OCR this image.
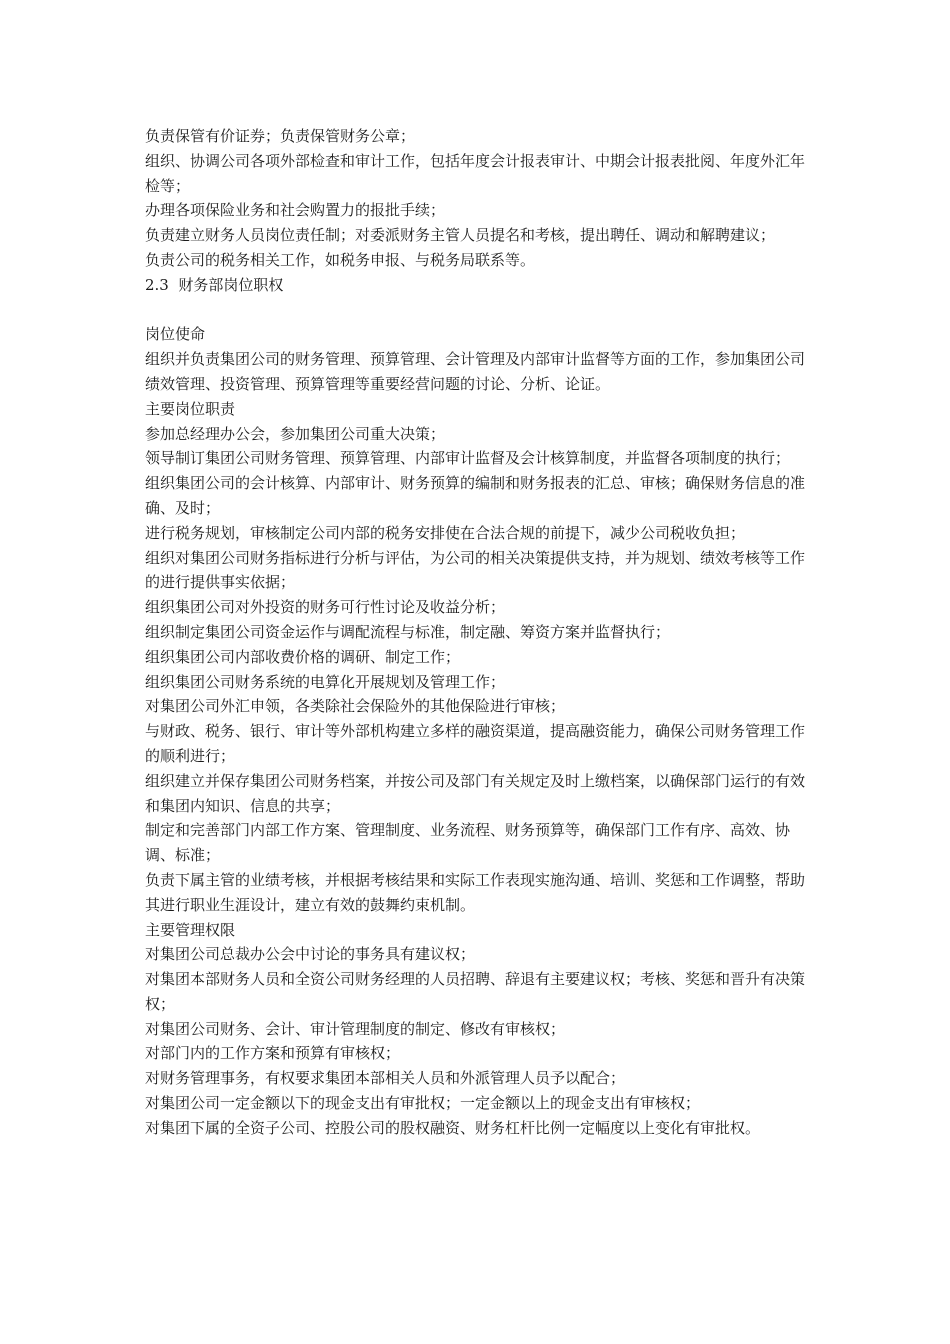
负责保管有价证券；负责保管财务公章；

组织、协调公司各项外部检查和审计工作，包括年度会计报表审计、中期会计报表批阅、年度外汇年检等；

办理各项保险业务和社会购置力的报批手续；

负责建立财务人员岗位责任制；对委派财务主管人员提名和考核，提出聘任、调动和解聘建议；

负责公司的税务相关工作，如税务申报、与税务局联系等。

2.3 财务部岗位职权

岗位使命

组织并负责集团公司的财务管理、预算管理、会计管理及内部审计监督等方面的工作，参加集团公司绩效管理、投资管理、预算管理等重要经营问题的讨论、分析、论证。

主要岗位职责

参加总经理办公会，参加集团公司重大决策；

领导制订集团公司财务管理、预算管理、内部审计监督及会计核算制度，并监督各项制度的执行；

组织集团公司的会计核算、内部审计、财务预算的编制和财务报表的汇总、审核；确保财务信息的准确、及时；

进行税务规划，审核制定公司内部的税务安排使在合法合规的前提下，减少公司税收负担；

组织对集团公司财务指标进行分析与评估，为公司的相关决策提供支持，并为规划、绩效考核等工作的进行提供事实依据；

组织集团公司对外投资的财务可行性讨论及收益分析；

组织制定集团公司资金运作与调配流程与标准，制定融、筹资方案并监督执行；

组织集团公司内部收费价格的调研、制定工作；

组织集团公司财务系统的电算化开展规划及管理工作；

对集团公司外汇申领，各类除社会保险外的其他保险进行审核；

与财政、税务、银行、审计等外部机构建立多样的融资渠道，提高融资能力，确保公司财务管理工作的顺利进行；

组织建立并保存集团公司财务档案，并按公司及部门有关规定及时上缴档案，以确保部门运行的有效和集团内知识、信息的共享；

制定和完善部门内部工作方案、管理制度、业务流程、财务预算等，确保部门工作有序、高效、协调、标准；

负责下属主管的业绩考核，并根据考核结果和实际工作表现实施沟通、培训、奖惩和工作调整，帮助其进行职业生涯设计，建立有效的鼓舞约束机制。

主要管理权限

对集团公司总裁办公会中讨论的事务具有建议权；

对集团本部财务人员和全资公司财务经理的人员招聘、辞退有主要建议权；考核、奖惩和晋升有决策权；

对集团公司财务、会计、审计管理制度的制定、修改有审核权；

对部门内的工作方案和预算有审核权；

对财务管理事务，有权要求集团本部相关人员和外派管理人员予以配合；

对集团公司一定金额以下的现金支出有审批权；一定金额以上的现金支出有审核权；

对集团下属的全资子公司、控股公司的股权融资、财务杠杆比例一定幅度以上变化有审批权。
